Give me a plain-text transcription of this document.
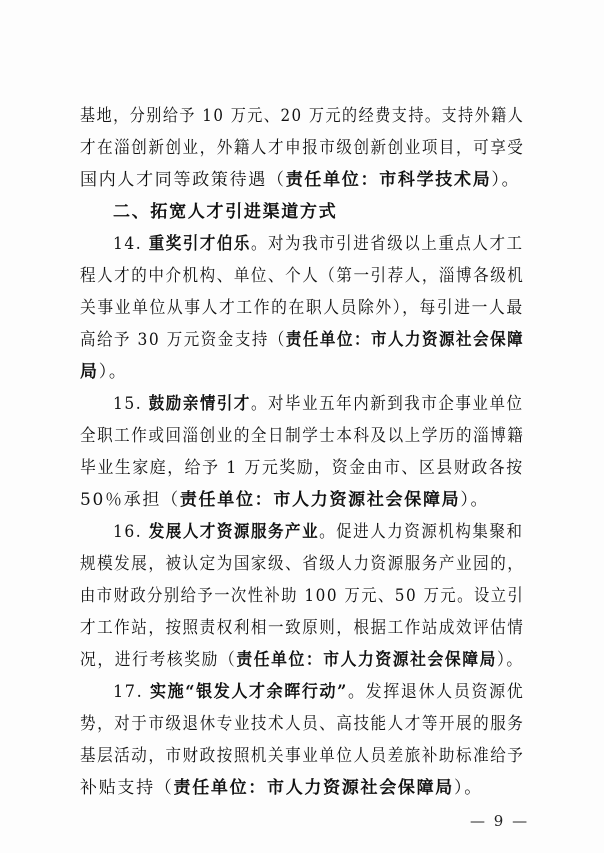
基地，分别给予 10 万元、20 万元的经费支持。支持外籍人
才在淄创新创业，外籍人才申报市级创新创业项目，可享受
国内人才同等政策待遇（责任单位：市科学技术局）。
二、拓宽人才引进渠道方式
14. 重奖引才伯乐。对为我市引进省级以上重点人才工
程人才的中介机构、单位、个人（第一引荐人，淄博各级机
关事业单位从事人才工作的在职人员除外），每引进一人最
高给予 30 万元资金支持（责任单位：市人力资源社会保障
局）。
15. 鼓励亲情引才。对毕业五年内新到我市企事业单位
全职工作或回淄创业的全日制学士本科及以上学历的淄博籍
毕业生家庭，给予 1 万元奖励，资金由市、区县财政各按
50％承担（责任单位：市人力资源社会保障局）。
16. 发展人才资源服务产业。促进人力资源机构集聚和
规模发展，被认定为国家级、省级人力资源服务产业园的，
由市财政分别给予一次性补助 100 万元、50 万元。设立引
才工作站，按照责权利相一致原则，根据工作站成效评估情
况，进行考核奖励（责任单位：市人力资源社会保障局）。
17. 实施“银发人才余晖行动”。发挥退休人员资源优
势，对于市级退休专业技术人员、高技能人才等开展的服务
基层活动，市财政按照机关事业单位人员差旅补助标准给予
补贴支持（责任单位：市人力资源社会保障局）。
— 9 —
